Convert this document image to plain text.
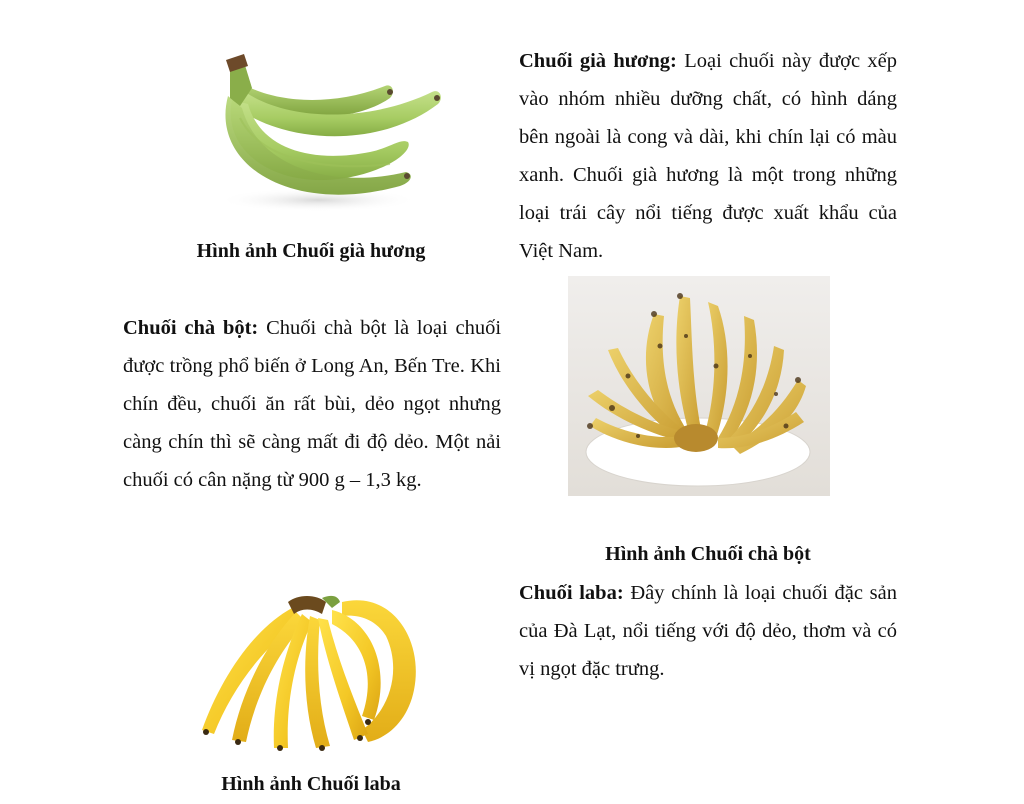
Hình ảnh Chuối già hương
Chuối già hương: Loại chuối này được xếp vào nhóm nhiều dưỡng chất, có hình dáng bên ngoài là cong và dài, khi chín lại có màu xanh. Chuối già hương là một trong những loại trái cây nổi tiếng được xuất khẩu của Việt Nam.
Chuối chà bột: Chuối chà bột là loại chuối được trồng phổ biến ở Long An, Bến Tre. Khi chín đều, chuối ăn rất bùi, dẻo ngọt nhưng càng chín thì sẽ càng mất đi độ dẻo. Một nải chuối có cân nặng từ 900 g – 1,3 kg.
Hình ảnh Chuối chà bột
Chuối laba: Đây chính là loại chuối đặc sản của Đà Lạt, nổi tiếng với độ dẻo, thơm và có vị ngọt đặc trưng.
Hình ảnh Chuối laba
